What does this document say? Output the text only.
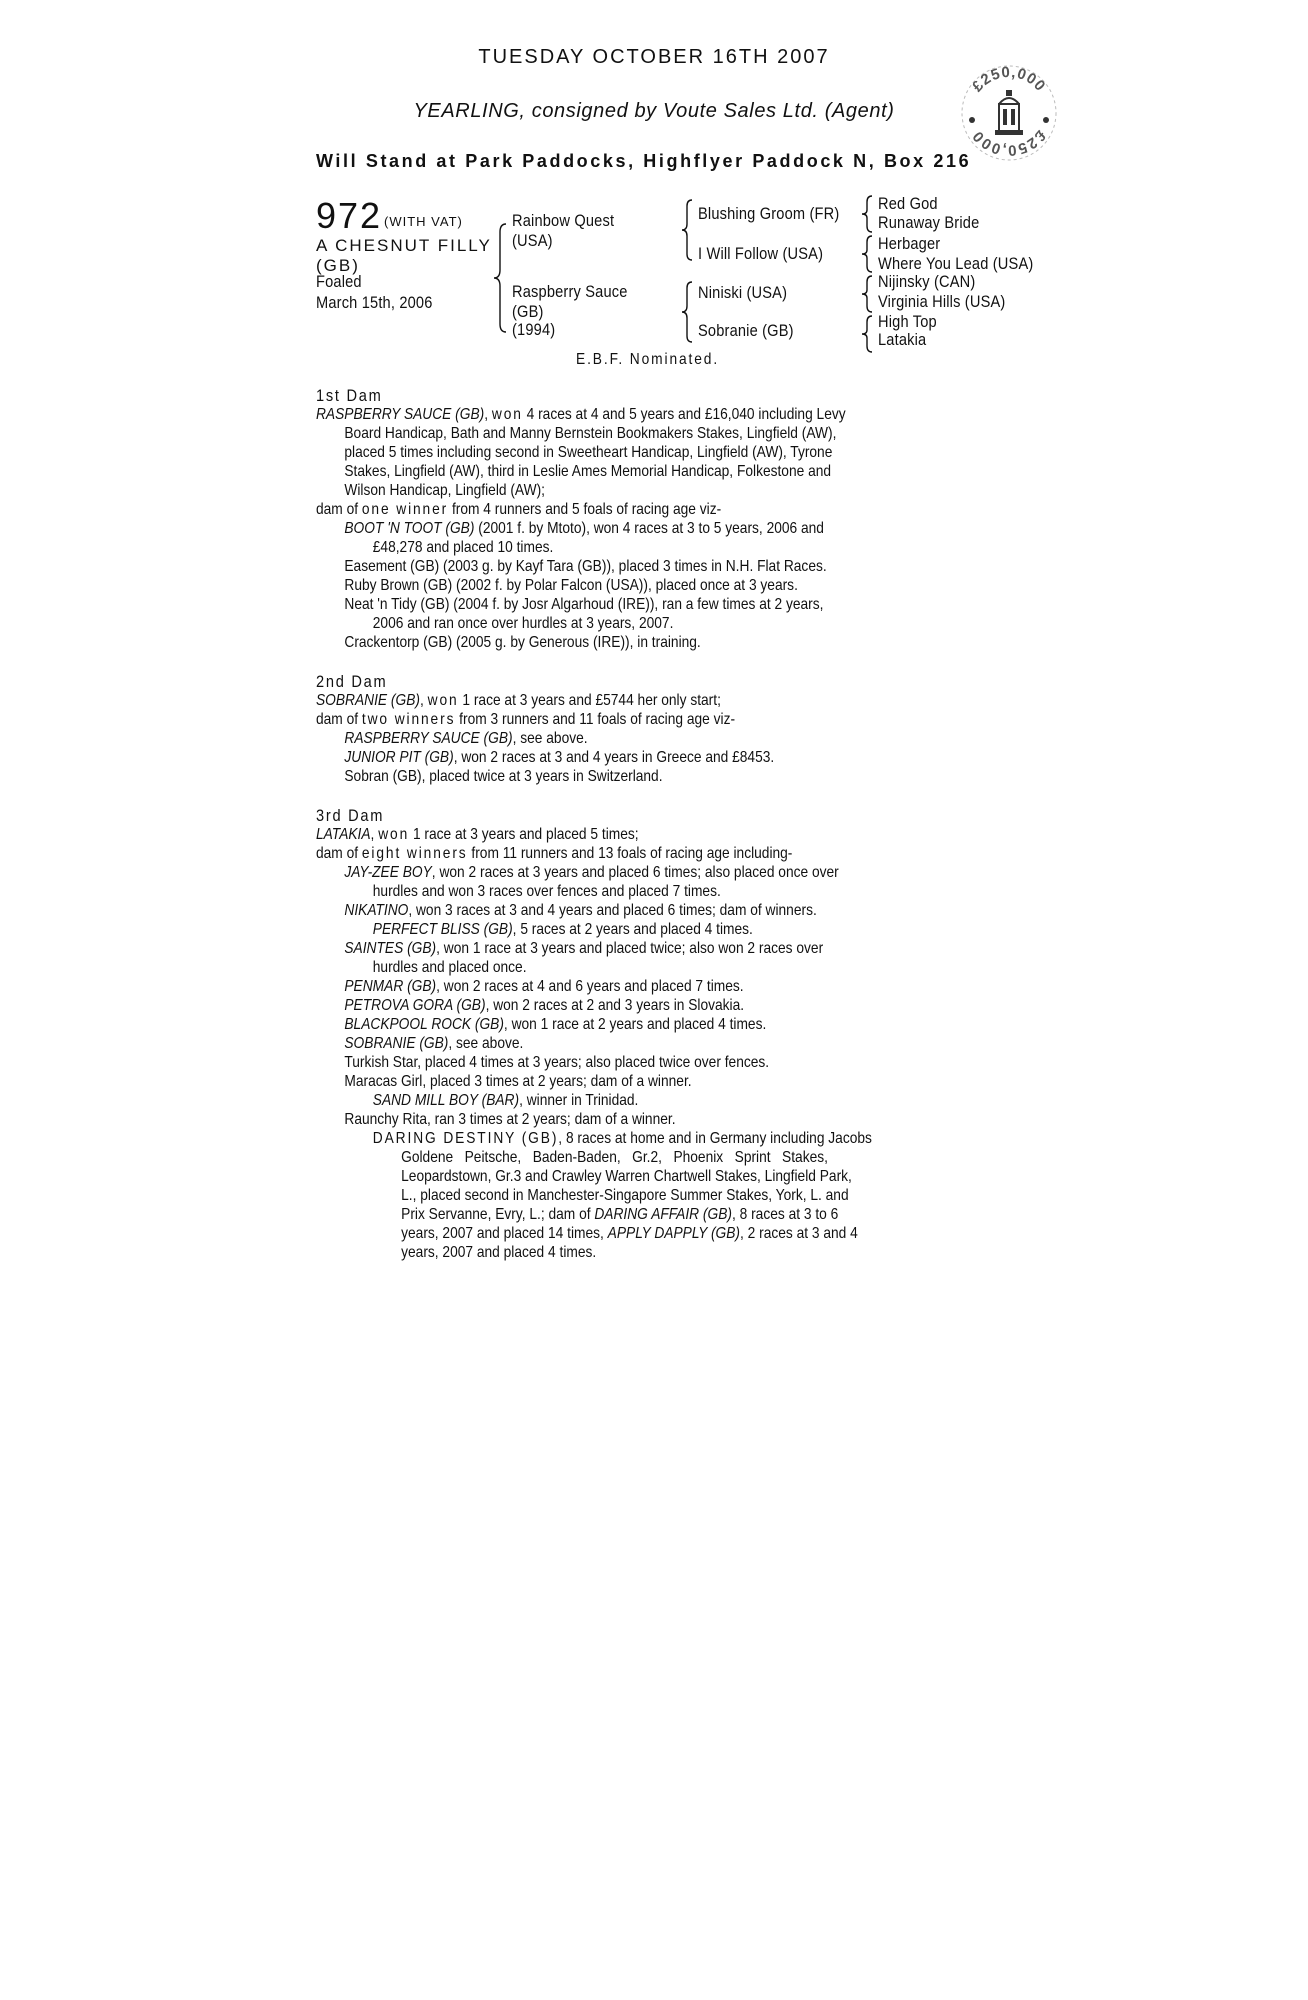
TUESDAY OCTOBER 16TH 2007
YEARLING, consigned by Voute Sales Ltd. (Agent)
Will Stand at Park Paddocks, Highflyer Paddock N, Box 216
£250,000
£250,000
972 (WITH VAT)
A CHESNUT FILLY
(GB)
Foaled
March 15th, 2006
Rainbow Quest
(USA)
Raspberry Sauce
(GB)
(1994)
Blushing Groom (FR)
I Will Follow (USA)
Niniski (USA)
Sobranie (GB)
Red God
Runaway Bride
Herbager
Where You Lead (USA)
Nijinsky (CAN)
Virginia Hills (USA)
High Top
Latakia
E.B.F. Nominated.
1st Dam
RASPBERRY SAUCE (GB), won 4 races at 4 and 5 years and £16,040 including Levy
Board Handicap, Bath and Manny Bernstein Bookmakers Stakes, Lingfield (AW),
placed 5 times including second in Sweetheart Handicap, Lingfield (AW), Tyrone
Stakes, Lingfield (AW), third in Leslie Ames Memorial Handicap, Folkestone and
Wilson Handicap, Lingfield (AW);
dam of one winner from 4 runners and 5 foals of racing age viz-
BOOT 'N TOOT (GB) (2001 f. by Mtoto), won 4 races at 3 to 5 years, 2006 and
£48,278 and placed 10 times.
Easement (GB) (2003 g. by Kayf Tara (GB)), placed 3 times in N.H. Flat Races.
Ruby Brown (GB) (2002 f. by Polar Falcon (USA)), placed once at 3 years.
Neat 'n Tidy (GB) (2004 f. by Josr Algarhoud (IRE)), ran a few times at 2 years,
2006 and ran once over hurdles at 3 years, 2007.
Crackentorp (GB) (2005 g. by Generous (IRE)), in training.
2nd Dam
SOBRANIE (GB), won 1 race at 3 years and £5744 her only start;
dam of two winners from 3 runners and 11 foals of racing age viz-
RASPBERRY SAUCE (GB), see above.
JUNIOR PIT (GB), won 2 races at 3 and 4 years in Greece and £8453.
Sobran (GB), placed twice at 3 years in Switzerland.
3rd Dam
LATAKIA, won 1 race at 3 years and placed 5 times;
dam of eight winners from 11 runners and 13 foals of racing age including-
JAY-ZEE BOY, won 2 races at 3 years and placed 6 times; also placed once over
hurdles and won 3 races over fences and placed 7 times.
NIKATINO, won 3 races at 3 and 4 years and placed 6 times; dam of winners.
PERFECT BLISS (GB), 5 races at 2 years and placed 4 times.
SAINTES (GB), won 1 race at 3 years and placed twice; also won 2 races over
hurdles and placed once.
PENMAR (GB), won 2 races at 4 and 6 years and placed 7 times.
PETROVA GORA (GB), won 2 races at 2 and 3 years in Slovakia.
BLACKPOOL ROCK (GB), won 1 race at 2 years and placed 4 times.
SOBRANIE (GB), see above.
Turkish Star, placed 4 times at 3 years; also placed twice over fences.
Maracas Girl, placed 3 times at 2 years; dam of a winner.
SAND MILL BOY (BAR), winner in Trinidad.
Raunchy Rita, ran 3 times at 2 years; dam of a winner.
DARING DESTINY (GB), 8 races at home and in Germany including Jacobs
Goldene   Peitsche,   Baden-Baden,   Gr.2,   Phoenix   Sprint   Stakes,
Leopardstown, Gr.3 and Crawley Warren Chartwell Stakes, Lingfield Park,
L., placed second in Manchester-Singapore Summer Stakes, York, L. and
Prix Servanne, Evry, L.; dam of DARING AFFAIR (GB), 8 races at 3 to 6
years, 2007 and placed 14 times, APPLY DAPPLY (GB), 2 races at 3 and 4
years, 2007 and placed 4 times.
